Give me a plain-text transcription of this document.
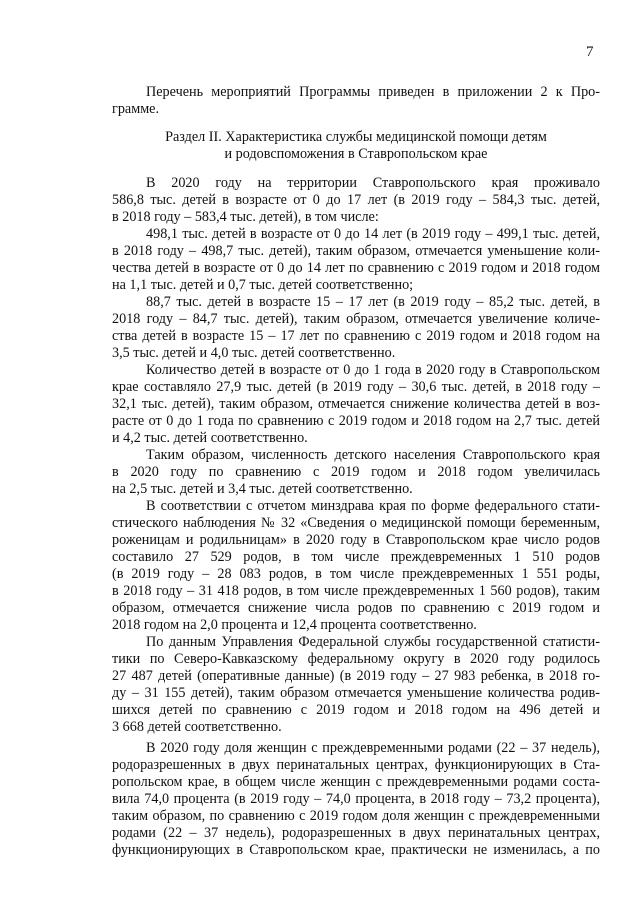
7
Перечень мероприятий Программы приведен в приложении 2 к Про-
грамме.
Раздел II. Характеристика службы медицинской помощи детям
и родовспоможения в Ставропольском крае
В 2020 году на территории Ставропольского края проживало
586,8 тыс. детей в возрасте от 0 до 17 лет (в 2019 году – 584,3 тыс. детей,
в 2018 году – 583,4 тыс. детей), в том числе:
498,1 тыс. детей в возрасте от 0 до 14 лет (в 2019 году – 499,1 тыс. детей,
в 2018 году – 498,7 тыс. детей), таким образом, отмечается уменьшение коли-
чества детей в возрасте от 0 до 14 лет по сравнению с 2019 годом и 2018 годом
на 1,1 тыс. детей и 0,7 тыс. детей соответственно;
88,7 тыс. детей в возрасте 15 – 17 лет (в 2019 году – 85,2 тыс. детей, в
2018 году – 84,7 тыс. детей), таким образом, отмечается увеличение количе-
ства детей в возрасте 15 – 17 лет по сравнению с 2019 годом и 2018 годом на
3,5 тыс. детей и 4,0 тыс. детей соответственно.
Количество детей в возрасте от 0 до 1 года в 2020 году в Ставропольском
крае составляло 27,9 тыс. детей (в 2019 году – 30,6 тыс. детей, в 2018 году –
32,1 тыс. детей), таким образом, отмечается снижение количества детей в воз-
расте от 0 до 1 года по сравнению с 2019 годом и 2018 годом на 2,7 тыс. детей
и 4,2 тыс. детей соответственно.
Таким образом, численность детского населения Ставропольского края
в 2020 году по сравнению с 2019 годом и 2018 годом увеличилась
на 2,5 тыс. детей и 3,4 тыс. детей соответственно.
В соответствии с отчетом минздрава края по форме федерального стати-
стического наблюдения № 32 «Сведения о медицинской помощи беременным,
роженицам и родильницам» в 2020 году в Ставропольском крае число родов
составило 27 529 родов, в том числе преждевременных 1 510 родов
(в 2019 году – 28 083 родов, в том числе преждевременных 1 551 роды,
в 2018 году – 31 418 родов, в том числе преждевременных 1 560 родов), таким
образом, отмечается снижение числа родов по сравнению с 2019 годом и
2018 годом на 2,0 процента и 12,4 процента соответственно.
По данным Управления Федеральной службы государственной статисти-
тики по Северо-Кавказскому федеральному округу в 2020 году родилось
27 487 детей (оперативные данные) (в 2019 году – 27 983 ребенка, в 2018 го-
ду – 31 155 детей), таким образом отмечается уменьшение количества родив-
шихся детей по сравнению с 2019 годом и 2018 годом на 496 детей и
3 668 детей соответственно.
В 2020 году доля женщин с преждевременными родами (22 – 37 недель),
родоразрешенных в двух перинатальных центрах, функционирующих в Ста-
ропольском крае, в общем числе женщин с преждевременными родами соста-
вила 74,0 процента (в 2019 году – 74,0 процента, в 2018 году – 73,2 процента),
таким образом, по сравнению с 2019 годом доля женщин с преждевременными
родами (22 – 37 недель), родоразрешенных в двух перинатальных центрах,
функционирующих в Ставропольском крае, практически не изменилась, а по
